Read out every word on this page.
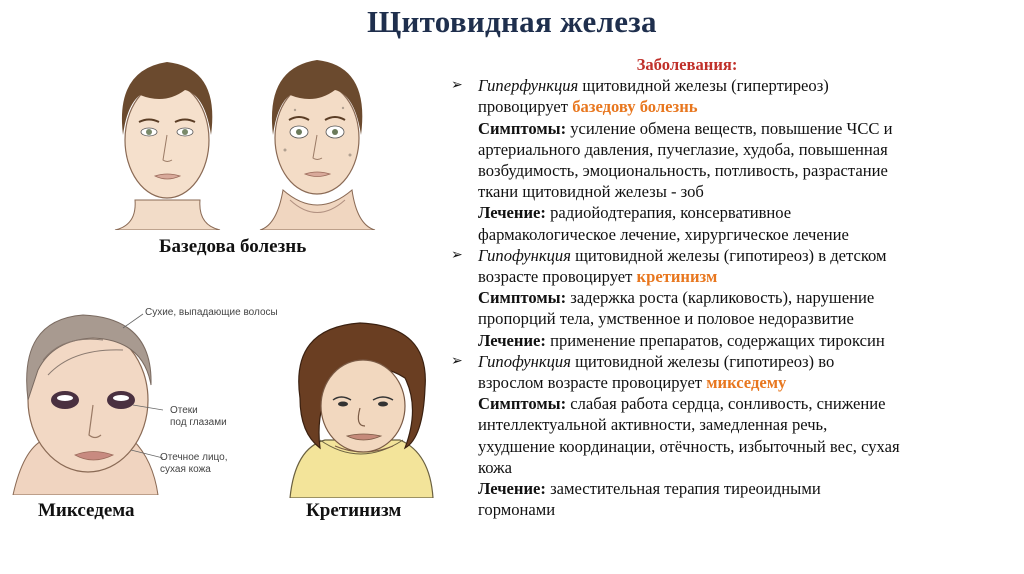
Щитовидная железа
Базедова болезнь
Сухие, выпадающие волосы
Отеки
под глазами
Отечное лицо,
сухая кожа
Микседема	Кретинизм
Заболевания:
➢ Гиперфункция щитовидной железы (гипертиреоз)
провоцирует базедову болезнь
Симптомы: усиление обмена веществ, повышение ЧСС и
артериального давления, пучеглазие, худоба, повышенная
возбудимость, эмоциональность, потливость, разрастание
ткани щитовидной железы - зоб
Лечение: радиойодтерапия, консервативное
фармакологическое лечение, хирургическое лечение
➢ Гипофункция щитовидной железы (гипотиреоз) в детском
возрасте провоцирует кретинизм
Симптомы: задержка роста (карликовость), нарушение
пропорций тела, умственное и половое недоразвитие
Лечение: применение препаратов, содержащих тироксин
➢ Гипофункция щитовидной железы (гипотиреоз) во
взрослом возрасте провоцирует микседему
Симптомы: слабая работа сердца, сонливость, снижение
интеллектуальной активности, замедленная речь,
ухудшение координации, отёчность, избыточный вес, сухая
кожа
Лечение: заместительная терапия тиреоидными
гормонами
